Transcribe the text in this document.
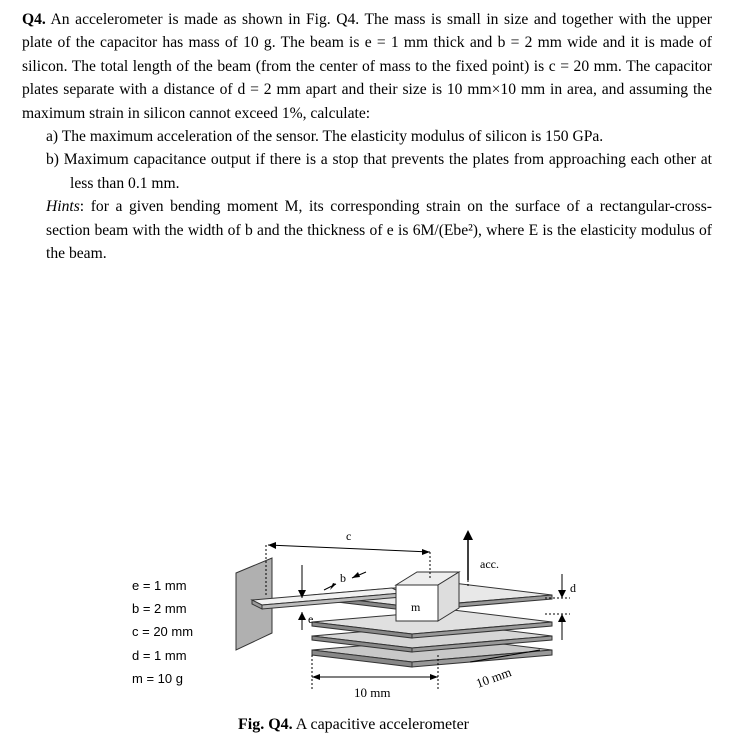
Q4. An accelerometer is made as shown in Fig. Q4. The mass is small in size and together with the upper plate of the capacitor has mass of 10 g. The beam is e = 1 mm thick and b = 2 mm wide and it is made of silicon. The total length of the beam (from the center of mass to the fixed point) is c = 20 mm. The capacitor plates separate with a distance of d = 2 mm apart and their size is 10 mm×10 mm in area, and assuming the maximum strain in silicon cannot exceed 1%, calculate:

a) The maximum acceleration of the sensor. The elasticity modulus of silicon is 150 GPa.

b) Maximum capacitance output if there is a stop that prevents the plates from approaching each other at less than 0.1 mm.

Hints: for a given bending moment M, its corresponding strain on the surface of a rectangular-cross-section beam with the width of b and the thickness of e is 6M/(Ebe²), where E is the elasticity modulus of the beam.

e = 1 mm
b = 2 mm
c = 20 mm
d = 1 mm
m = 10 g
m
c
b
e
acc.
d
10 mm
10 mm
Fig. Q4. A capacitive accelerometer
